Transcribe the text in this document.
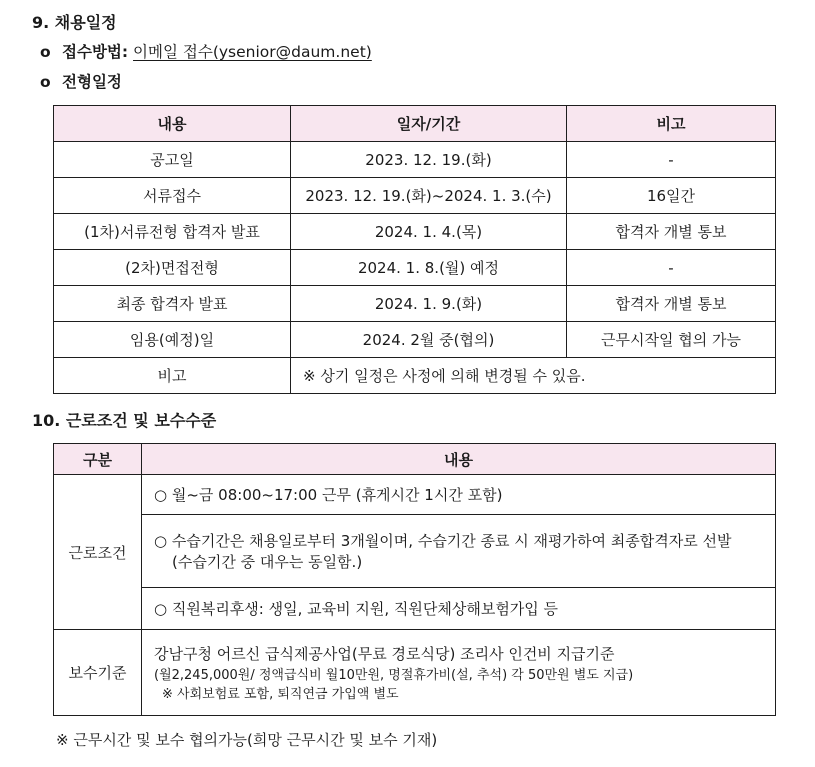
9. 채용일정
o 접수방법: 이메일 접수(ysenior@daum.net)
o 전형일정
내용	일자/기간	비고
공고일	2023. 12. 19.(화)	-
서류접수	2023. 12. 19.(화)~2024. 1. 3.(수)	16일간
(1차)서류전형 합격자 발표	2024. 1. 4.(목)	합격자 개별 통보
(2차)면접전형	2024. 1. 8.(월) 예정	-
최종 합격자 발표	2024. 1. 9.(화)	합격자 개별 통보
임용(예정)일	2024. 2월 중(협의)	근무시작일 협의 가능
비고	※ 상기 일정은 사정에 의해 변경될 수 있음.	
10. 근로조건 및 보수수준
구분	내용
근로조건	○ 월~금 08:00~17:00 근무 (휴게시간 1시간 포함)

	○ 수습기간은 채용일로부터 3개월이며, 수습기간 종료 시 재평가하여 최종합격자로 선발
(수습기간 중 대우는 동일함.)

	○ 직원복리후생: 생일, 교육비 지원, 직원단체상해보험가입 등
보수기준	강남구청 어르신 급식제공사업(무료 경로식당) 조리사 인건비 지급기준
(월2,245,000원/ 정액급식비 월10만원, 명절휴가비(설, 추석) 각 50만원 별도 지급)
※ 사회보험료 포함, 퇴직연금 가입액 별도
※ 근무시간 및 보수 협의가능(희망 근무시간 및 보수 기재)
